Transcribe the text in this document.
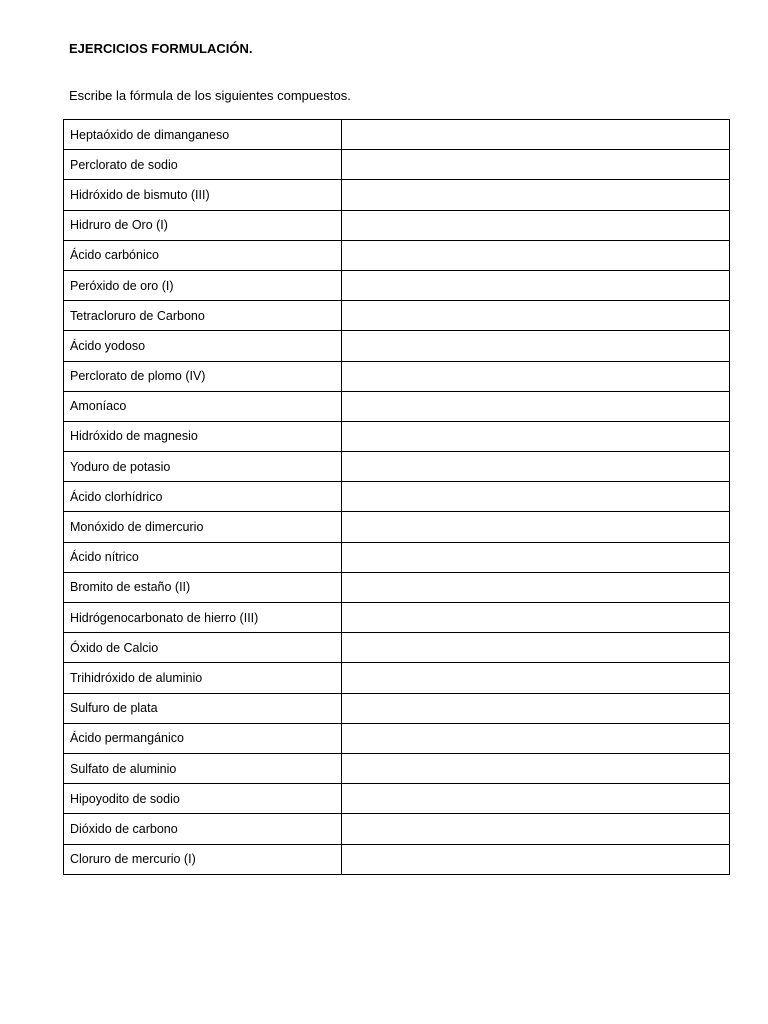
EJERCICIOS FORMULACIÓN.
Escribe la fórmula de los siguientes compuestos.
Heptaóxido de dimanganeso	
Perclorato de sodio	
Hidróxido de bismuto (III)	
Hidruro de Oro (I)	
Ácido carbónico	
Peróxido de oro (I)	
Tetracloruro de Carbono	
Ácido yodoso	
Perclorato de plomo (IV)	
Amoníaco	
Hidróxido de magnesio	
Yoduro de potasio	
Ácido clorhídrico	
Monóxido de dimercurio	
Ácido nítrico	
Bromito de estaño (II)	
Hidrógenocarbonato de hierro (III)	
Óxido de Calcio	
Trihidróxido de aluminio	
Sulfuro de plata	
Ácido permangánico	
Sulfato de aluminio	
Hipoyodito de sodio	
Dióxido de carbono	
Cloruro de mercurio (I)	
